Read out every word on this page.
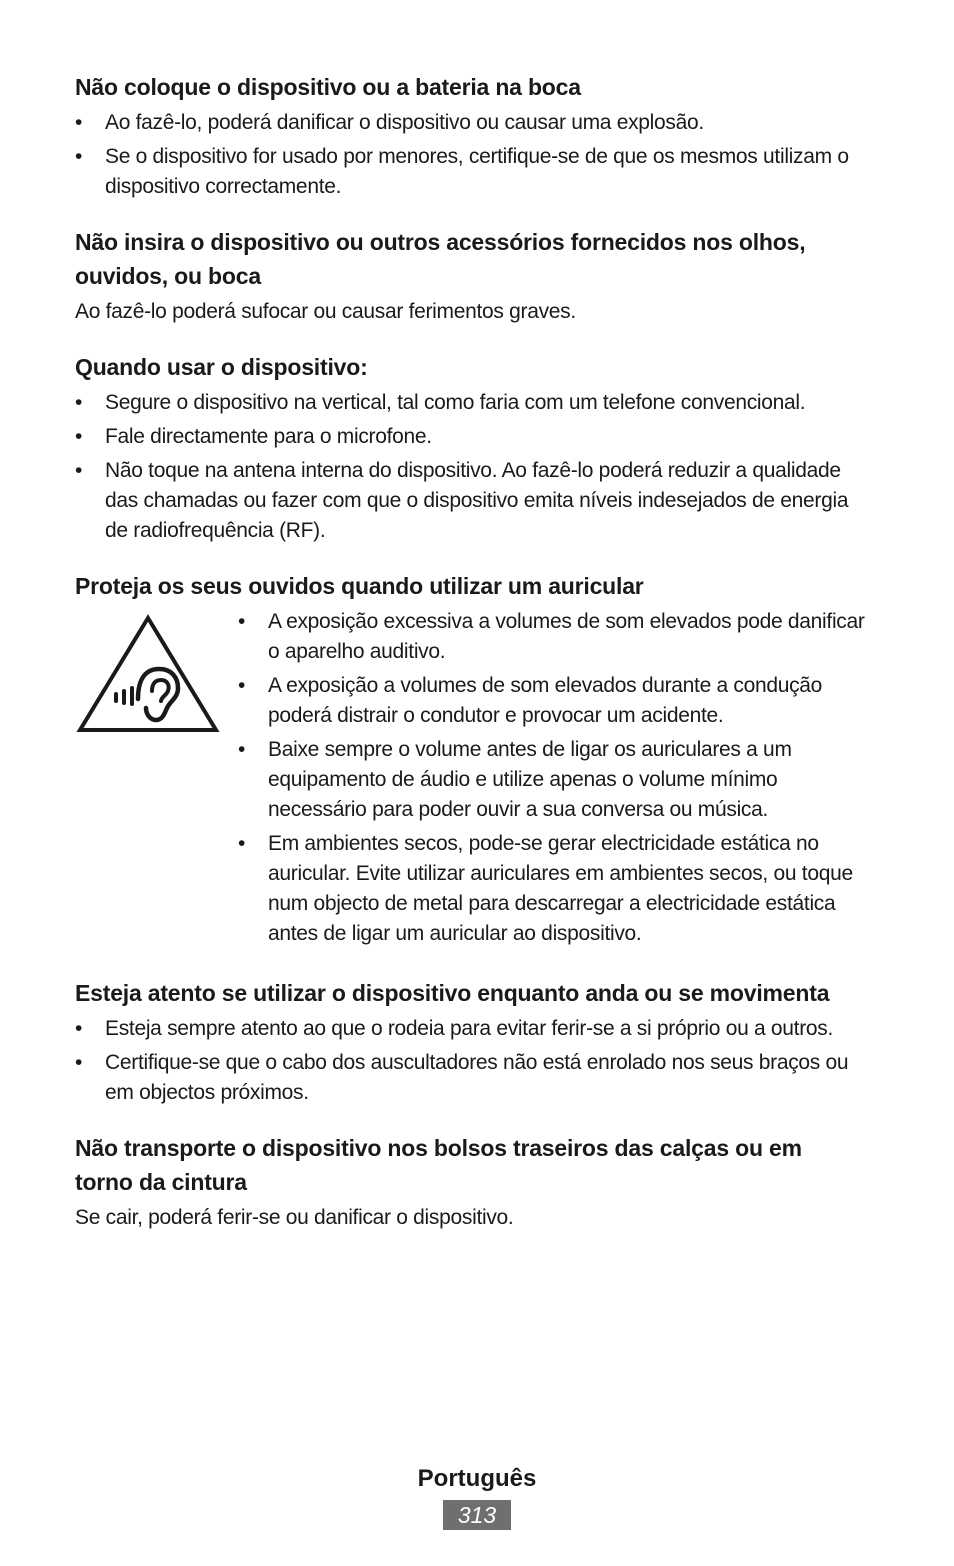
Não coloque o dispositivo ou a bateria na boca
• Ao fazê-lo, poderá danificar o dispositivo ou causar uma explosão.
• Se o dispositivo for usado por menores, certifique-se de que os mesmos utilizam o dispositivo correctamente.
Não insira o dispositivo ou outros acessórios fornecidos nos olhos, ouvidos, ou boca

Ao fazê-lo poderá sufocar ou causar ferimentos graves.

Quando usar o dispositivo:
• Segure o dispositivo na vertical, tal como faria com um telefone convencional.
• Fale directamente para o microfone.
• Não toque na antena interna do dispositivo. Ao fazê-lo poderá reduzir a qualidade das chamadas ou fazer com que o dispositivo emita níveis indesejados de energia de radiofrequência (RF).
Proteja os seus ouvidos quando utilizar um auricular
• A exposição excessiva a volumes de som elevados pode danificar o aparelho auditivo.
• A exposição a volumes de som elevados durante a condução poderá distrair o condutor e provocar um acidente.
• Baixe sempre o volume antes de ligar os auriculares a um equipamento de áudio e utilize apenas o volume mínimo necessário para poder ouvir a sua conversa ou música.
• Em ambientes secos, pode-se gerar electricidade estática no auricular. Evite utilizar auriculares em ambientes secos, ou toque num objecto de metal para descarregar a electricidade estática antes de ligar um auricular ao dispositivo.
Esteja atento se utilizar o dispositivo enquanto anda ou se movimenta
• Esteja sempre atento ao que o rodeia para evitar ferir-se a si próprio ou a outros.
• Certifique-se que o cabo dos auscultadores não está enrolado nos seus braços ou em objectos próximos.
Não transporte o dispositivo nos bolsos traseiros das calças ou em torno da cintura

Se cair, poderá ferir-se ou danificar o dispositivo.

Português
313
